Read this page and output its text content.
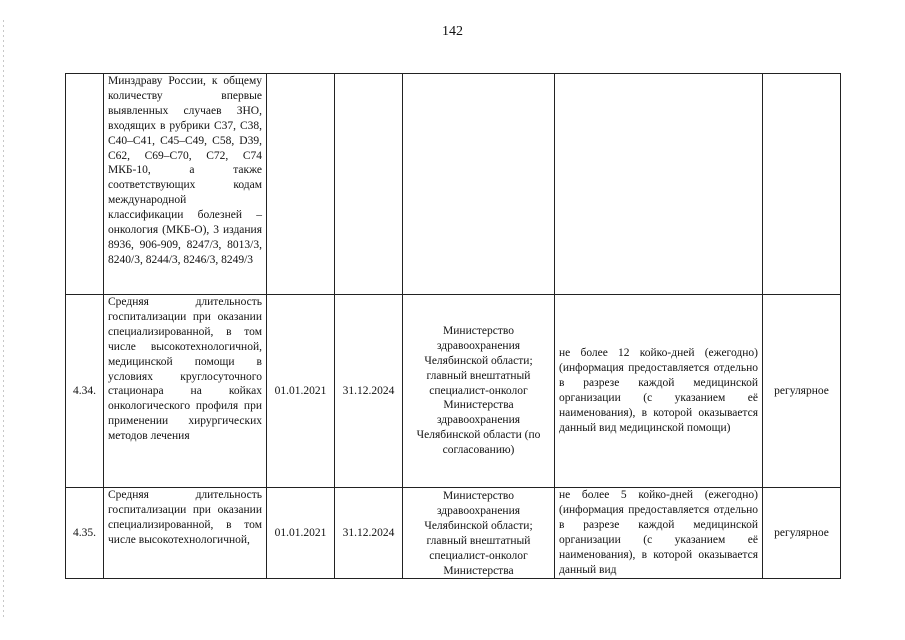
142
	Минздраву России, к общему количеству впервые выявленных случаев ЗНО, входящих в рубрики C37, C38, C40–C41, C45–C49, C58, D39, C62, C69–C70, C72, C74 МКБ-10, а также соответствующих кодам международной классификации болезней – онкология (МКБ-О), 3 издания 8936, 906-909, 8247/3, 8013/3, 8240/3, 8244/3, 8246/3, 8249/3					
4.34.	Средняя длительность госпитализации при оказании специализированной, в том числе высокотехнологичной, медицинской помощи в условиях круглосуточного стационара на койках онкологического профиля при применении хирургических методов лечения	01.01.2021	31.12.2024	Министерство здравоохранения Челябинской области; главный внештатный специалист-онколог Министерства здравоохранения Челябинской области (по согласованию)	не более 12 койко-дней (ежегодно) (информация предоставляется отдельно в разрезе каждой медицинской организации (с указанием её наименования), в которой оказывается данный вид медицинской помощи)	регулярное
4.35.	Средняя длительность госпитализации при оказании специализированной, в том числе высокотехнологичной,	01.01.2021	31.12.2024	Министерство здравоохранения Челябинской области; главный внештатный специалист-онколог Министерства	не более 5 койко-дней (ежегодно) (информация предоставляется отдельно в разрезе каждой медицинской организации (с указанием её наименования), в которой оказывается данный вид	регулярное
